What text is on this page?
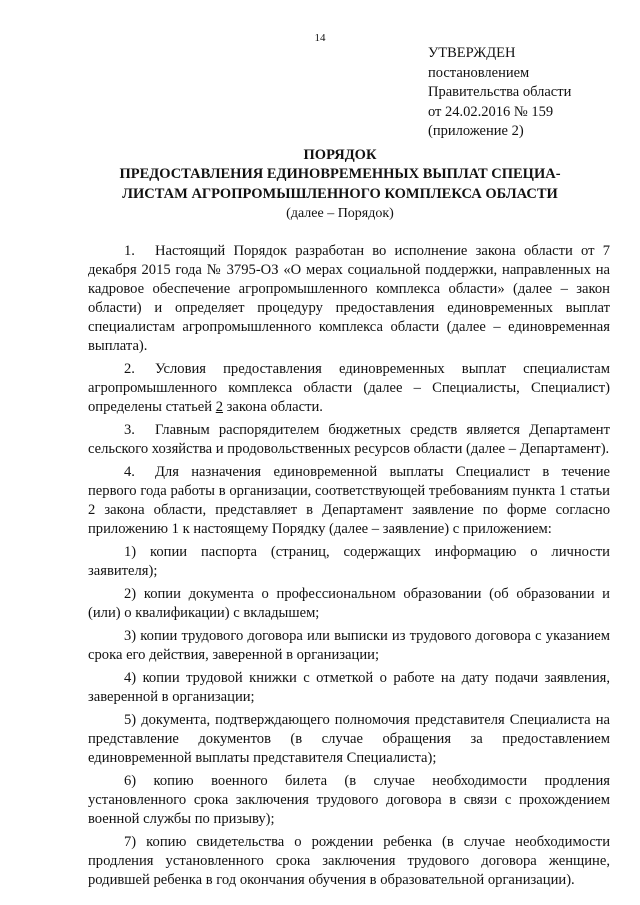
14
УТВЕРЖДЕН
постановлением
Правительства области
от 24.02.2016 № 159
(приложение 2)
ПОРЯДОК
ПРЕДОСТАВЛЕНИЯ ЕДИНОВРЕМЕННЫХ ВЫПЛАТ СПЕЦИА-
ЛИСТАМ АГРОПРОМЫШЛЕННОГО КОМПЛЕКСА ОБЛАСТИ
(далее – Порядок)

1. Настоящий Порядок разработан во исполнение закона области от 7 декабря 2015 года № 3795-ОЗ «О мерах социальной поддержки, направленных на кадровое обеспечение агропромышленного комплекса области» (далее – закон области) и определяет процедуру предоставления единовременных выплат специалистам агропромышленного комплекса области (далее – единовременная выплата).

2. Условия предоставления единовременных выплат специалистам агропромышленного комплекса области (далее – Специалисты, Специалист) определены статьей 2 закона области.

3. Главным распорядителем бюджетных средств является Департамент сельского хозяйства и продовольственных ресурсов области (далее – Департамент).

4. Для назначения единовременной выплаты Специалист в течение первого года работы в организации, соответствующей требованиям пункта 1 статьи 2 закона области, представляет в Департамент заявление по форме согласно приложению 1 к настоящему Порядку (далее – заявление) с приложением:

1) копии паспорта (страниц, содержащих информацию о личности заявителя);

2) копии документа о профессиональном образовании (об образовании и (или) о квалификации) с вкладышем;

3) копии трудового договора или выписки из трудового договора с указанием срока его действия, заверенной в организации;

4) копии трудовой книжки с отметкой о работе на дату подачи заявления, заверенной в организации;

5) документа, подтверждающего полномочия представителя Специалиста на представление документов (в случае обращения за предоставлением единовременной выплаты представителя Специалиста);

6) копию военного билета (в случае необходимости продления установленного срока заключения трудового договора в связи с прохождением военной службы по призыву);

7) копию свидетельства о рождении ребенка (в случае необходимости продления установленного срока заключения трудового договора женщине, родившей ребенка в год окончания обучения в образовательной организации).
